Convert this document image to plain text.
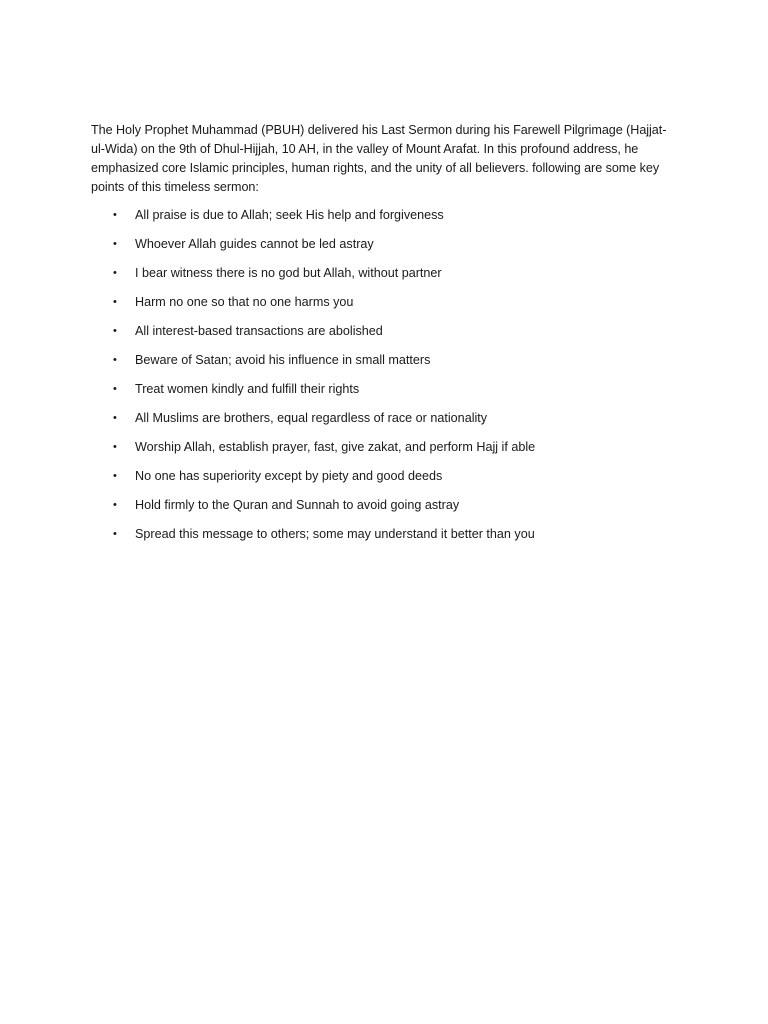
The Holy Prophet Muhammad (PBUH) delivered his Last Sermon during his Farewell Pilgrimage (Hajjat-ul-Wida) on the 9th of Dhul-Hijjah, 10 AH, in the valley of Mount Arafat. In this profound address, he emphasized core Islamic principles, human rights, and the unity of all believers. following are some key points of this timeless sermon:

• All praise is due to Allah; seek His help and forgiveness
• Whoever Allah guides cannot be led astray
• I bear witness there is no god but Allah, without partner
• Harm no one so that no one harms you
• All interest-based transactions are abolished
• Beware of Satan; avoid his influence in small matters
• Treat women kindly and fulfill their rights
• All Muslims are brothers, equal regardless of race or nationality
• Worship Allah, establish prayer, fast, give zakat, and perform Hajj if able
• No one has superiority except by piety and good deeds
• Hold firmly to the Quran and Sunnah to avoid going astray
• Spread this message to others; some may understand it better than you
